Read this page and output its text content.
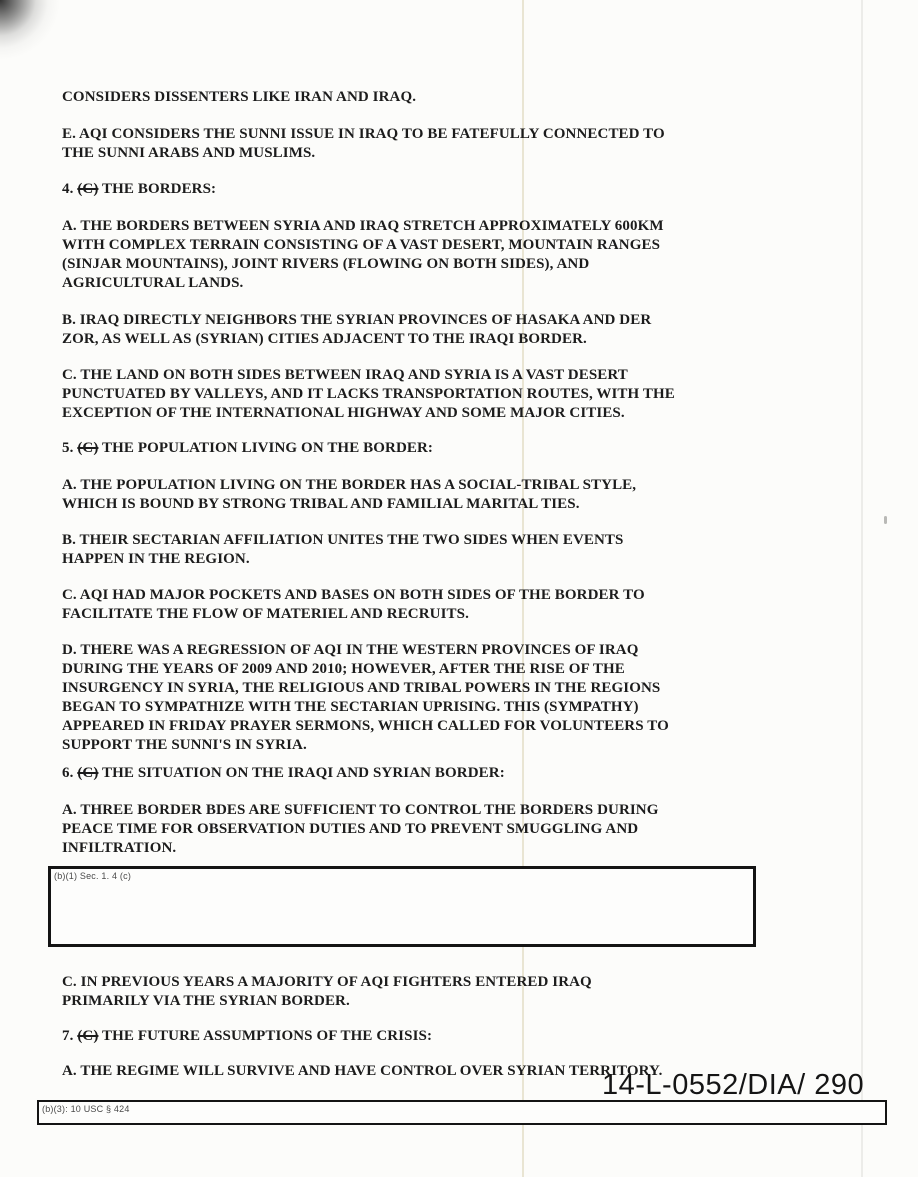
CONSIDERS DISSENTERS LIKE IRAN AND IRAQ.
E. AQI CONSIDERS THE SUNNI ISSUE IN IRAQ TO BE FATEFULLY CONNECTED TO
THE SUNNI ARABS AND MUSLIMS.
4. (C) THE BORDERS:
A. THE BORDERS BETWEEN SYRIA AND IRAQ STRETCH APPROXIMATELY 600KM
WITH COMPLEX TERRAIN CONSISTING OF A VAST DESERT, MOUNTAIN RANGES
(SINJAR MOUNTAINS), JOINT RIVERS (FLOWING ON BOTH SIDES), AND
AGRICULTURAL LANDS.
B. IRAQ DIRECTLY NEIGHBORS THE SYRIAN PROVINCES OF HASAKA AND DER
ZOR, AS WELL AS (SYRIAN) CITIES ADJACENT TO THE IRAQI BORDER.
C. THE LAND ON BOTH SIDES BETWEEN IRAQ AND SYRIA IS A VAST DESERT
PUNCTUATED BY VALLEYS, AND IT LACKS TRANSPORTATION ROUTES, WITH THE
EXCEPTION OF THE INTERNATIONAL HIGHWAY AND SOME MAJOR CITIES.
5. (C) THE POPULATION LIVING ON THE BORDER:
A. THE POPULATION LIVING ON THE BORDER HAS A SOCIAL-TRIBAL STYLE,
WHICH IS BOUND BY STRONG TRIBAL AND FAMILIAL MARITAL TIES.
B. THEIR SECTARIAN AFFILIATION UNITES THE TWO SIDES WHEN EVENTS
HAPPEN IN THE REGION.
C. AQI HAD MAJOR POCKETS AND BASES ON BOTH SIDES OF THE BORDER TO
FACILITATE THE FLOW OF MATERIEL AND RECRUITS.
D. THERE WAS A REGRESSION OF AQI IN THE WESTERN PROVINCES OF IRAQ
DURING THE YEARS OF 2009 AND 2010; HOWEVER, AFTER THE RISE OF THE
INSURGENCY IN SYRIA, THE RELIGIOUS AND TRIBAL POWERS IN THE REGIONS
BEGAN TO SYMPATHIZE WITH THE SECTARIAN UPRISING. THIS (SYMPATHY)
APPEARED IN FRIDAY PRAYER SERMONS, WHICH CALLED FOR VOLUNTEERS TO
SUPPORT THE SUNNI'S IN SYRIA.
6. (C) THE SITUATION ON THE IRAQI AND SYRIAN BORDER:
A. THREE BORDER BDES ARE SUFFICIENT TO CONTROL THE BORDERS DURING
PEACE TIME FOR OBSERVATION DUTIES AND TO PREVENT SMUGGLING AND
INFILTRATION.
C. IN PREVIOUS YEARS A MAJORITY OF AQI FIGHTERS ENTERED IRAQ
PRIMARILY VIA THE SYRIAN BORDER.
7. (C) THE FUTURE ASSUMPTIONS OF THE CRISIS:
A. THE REGIME WILL SURVIVE AND HAVE CONTROL OVER SYRIAN TERRITORY.
(b)(1) Sec. 1. 4 (c)
(b)(3): 10 USC § 424
14-L-0552/DIA/ 290
